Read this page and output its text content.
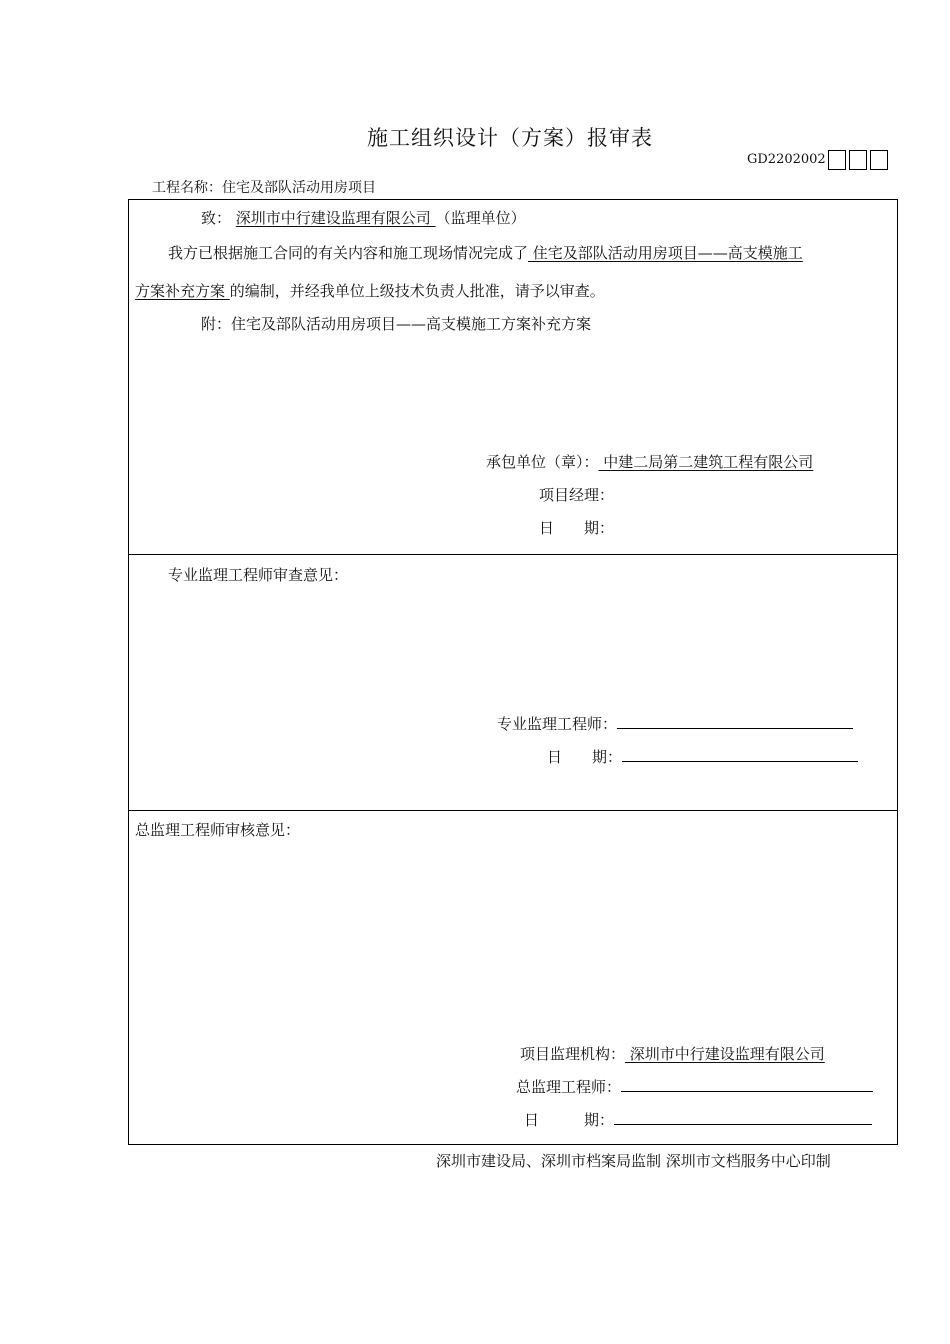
施工组织设计（方案）报审表
GD2202002
工程名称：住宅及部队活动用房项目
致： 深圳市中行建设监理有限公司 （监理单位）
我方已根据施工合同的有关内容和施工现场情况完成了 住宅及部队活动用房项目——高支模施工
方案补充方案 的编制，并经我单位上级技术负责人批准，请予以审查。
附：住宅及部队活动用房项目——高支模施工方案补充方案
承包单位（章）： 中建二局第二建筑工程有限公司
项目经理：
日　　期：
专业监理工程师审查意见：
专业监理工程师：
日　　期：
总监理工程师审核意见：
项目监理机构： 深圳市中行建设监理有限公司
总监理工程师：
日　　　期：
深圳市建设局、深圳市档案局监制 深圳市文档服务中心印制
